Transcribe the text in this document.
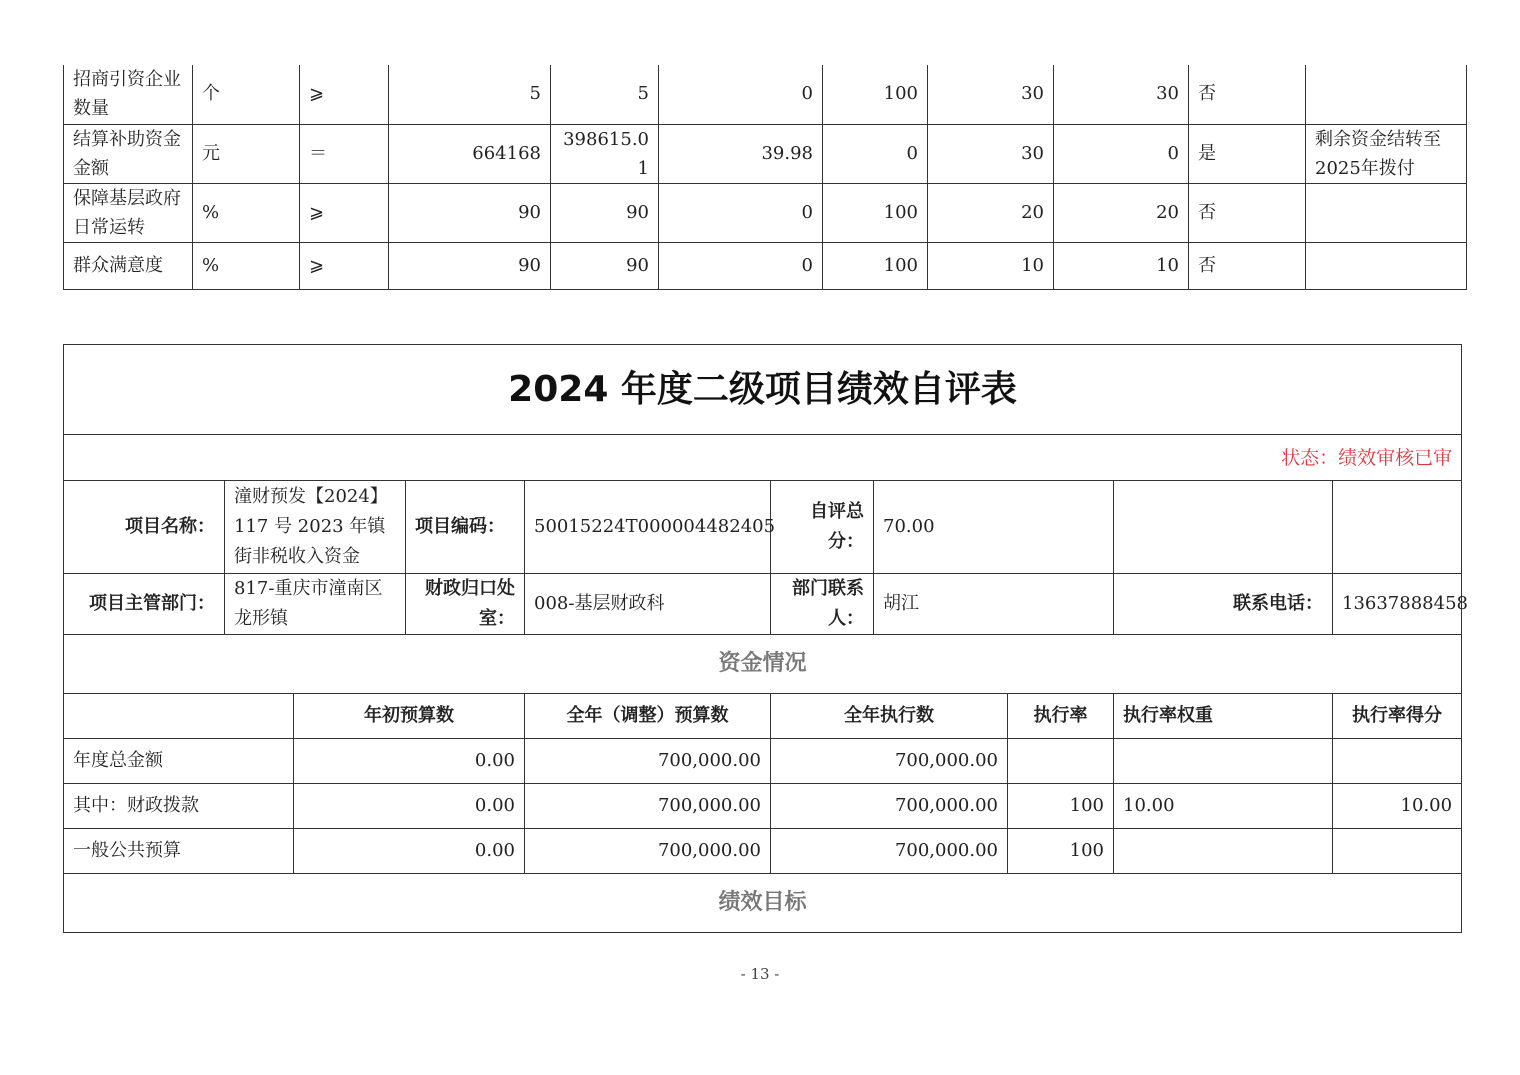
招商引资企业数量	个	⩾	5	5	0	100	30	30	否	
结算补助资金金额	元	＝	664168	398615.01	39.98	0	30	0	是	剩余资金结转至2025年拨付
保障基层政府日常运转	%	⩾	90	90	0	100	20	20	否	
群众满意度	%	⩾	90	90	0	100	10	10	否	
2024 年度二级项目绩效自评表									
状态：绩效审核已审									
项目名称：	潼财预发【2024】117 号 2023 年镇街非税收入资金		项目编码：	50015224T000004482405	自评总分：	70.00			
项目主管部门：	817-重庆市潼南区龙形镇		财政归口处室：	008-基层财政科	部门联系人：	胡江		联系电话：	13637888458
资金情况									
		年初预算数		全年（调整）预算数	全年执行数		执行率	执行率权重	执行率得分
年度总金额		0.00		700,000.00	700,000.00				
其中：财政拨款		0.00		700,000.00	700,000.00		100	10.00	10.00
一般公共预算		0.00		700,000.00	700,000.00		100		
绩效目标									
- 13 -
